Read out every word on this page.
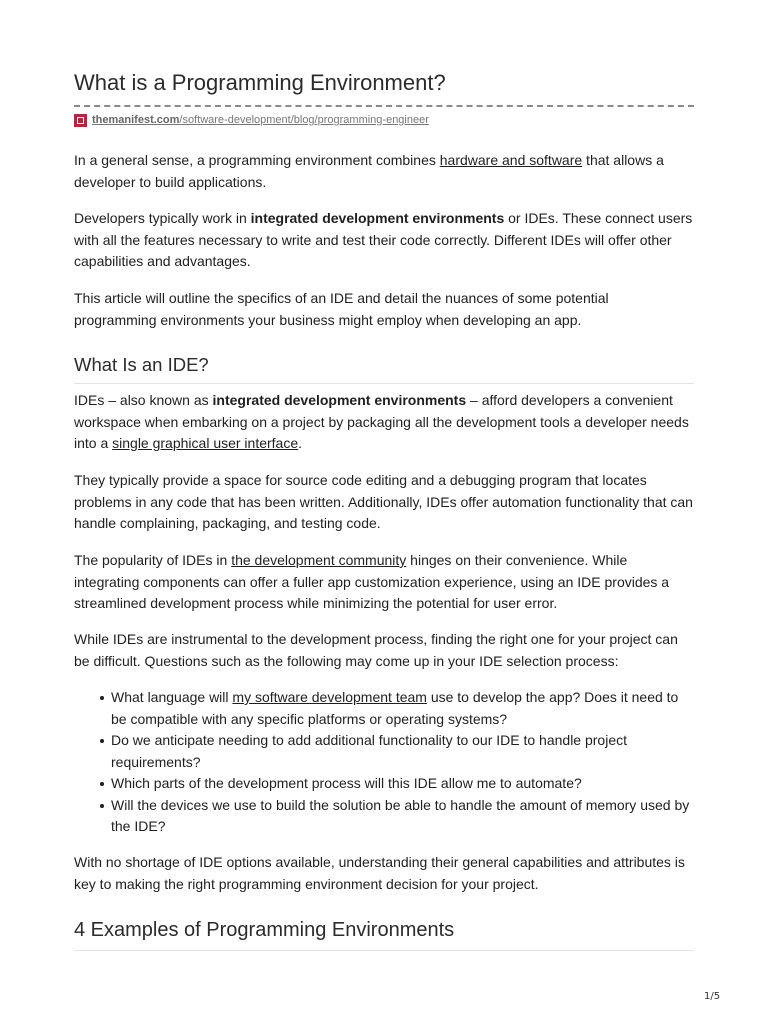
What is a Programming Environment?
themanifest.com/software-development/blog/programming-engineer

In a general sense, a programming environment combines hardware and software that allows a developer to build applications.

Developers typically work in integrated development environments or IDEs. These connect users with all the features necessary to write and test their code correctly. Different IDEs will offer other capabilities and advantages.

This article will outline the specifics of an IDE and detail the nuances of some potential programming environments your business might employ when developing an app.

What Is an IDE?

IDEs – also known as integrated development environments – afford developers a convenient workspace when embarking on a project by packaging all the development tools a developer needs into a single graphical user interface.

They typically provide a space for source code editing and a debugging program that locates problems in any code that has been written. Additionally, IDEs offer automation functionality that can handle complaining, packaging, and testing code.

The popularity of IDEs in the development community hinges on their convenience. While integrating components can offer a fuller app customization experience, using an IDE provides a streamlined development process while minimizing the potential for user error.

While IDEs are instrumental to the development process, finding the right one for your project can be difficult. Questions such as the following may come up in your IDE selection process:

What language will my software development team use to develop the app? Does it need to be compatible with any specific platforms or operating systems?
Do we anticipate needing to add additional functionality to our IDE to handle project requirements?
Which parts of the development process will this IDE allow me to automate?
Will the devices we use to build the solution be able to handle the amount of memory used by the IDE?

With no shortage of IDE options available, understanding their general capabilities and attributes is key to making the right programming environment decision for your project.

4 Examples of Programming Environments
1/5
